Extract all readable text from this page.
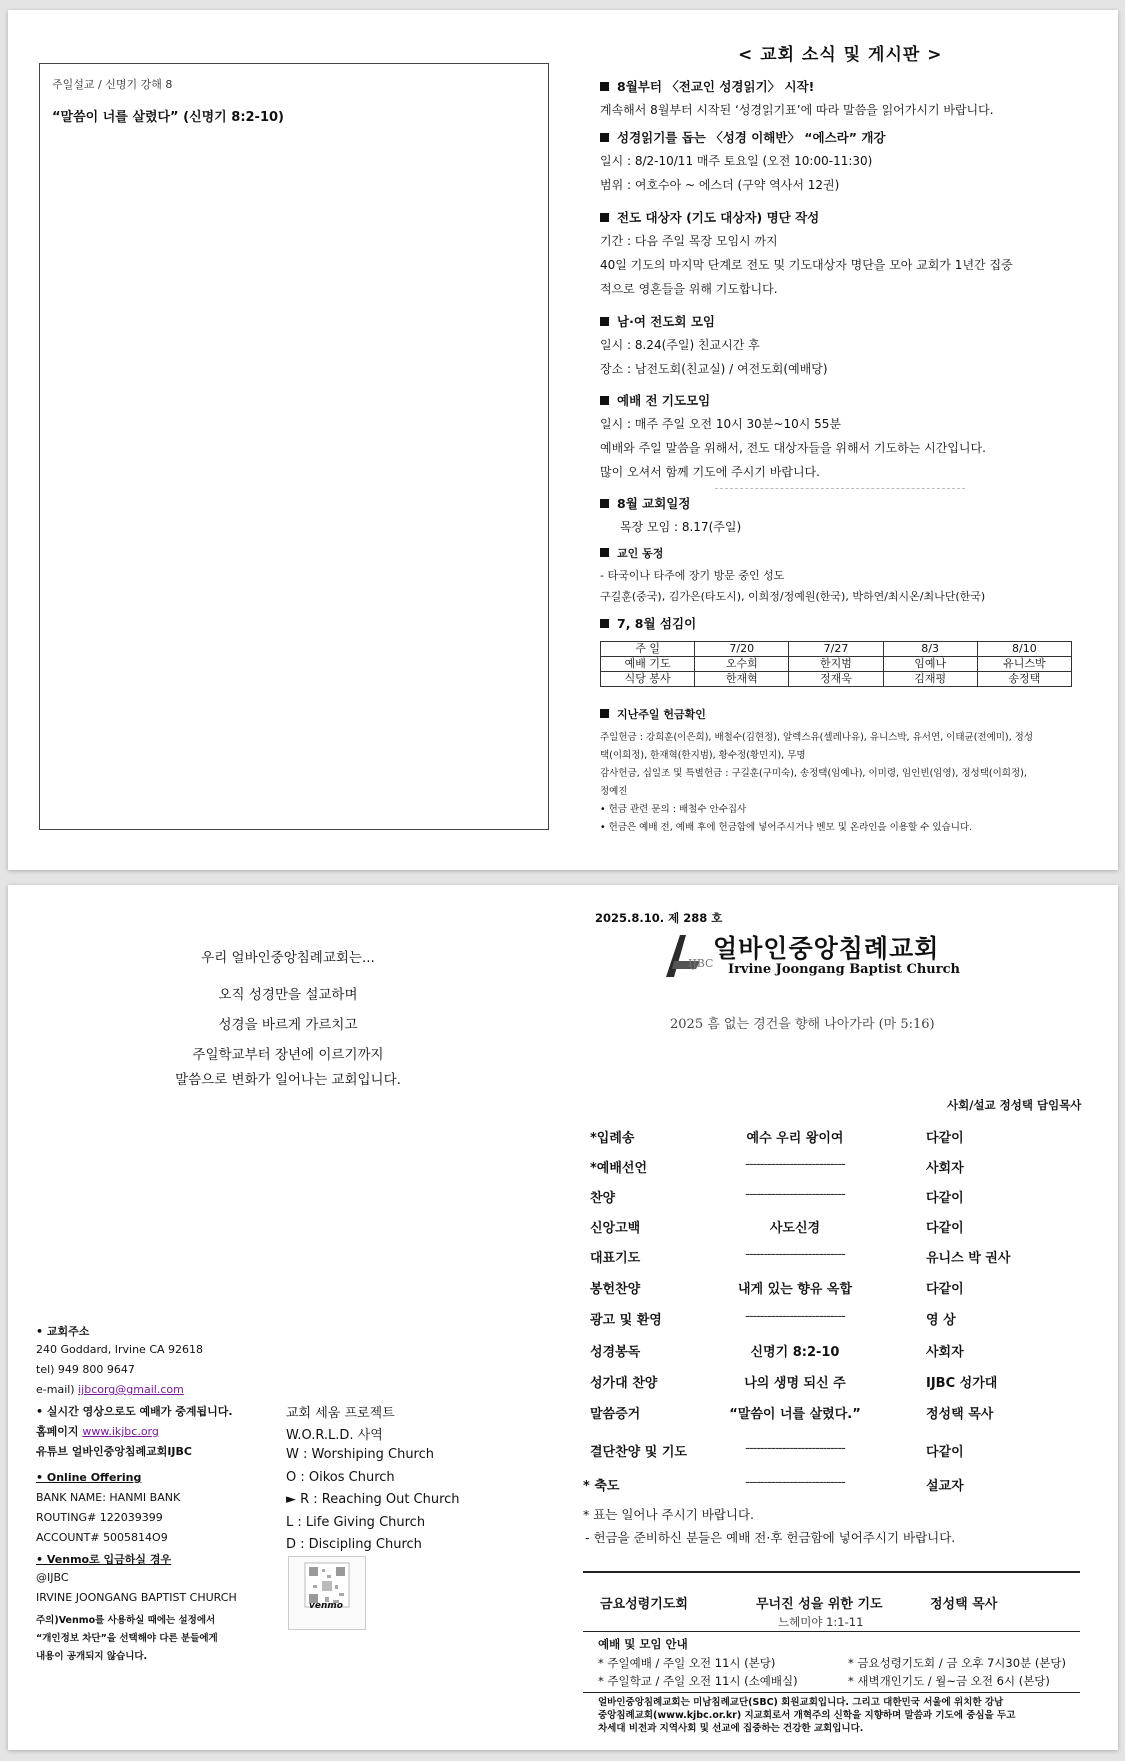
주일설교 / 신명기 강해 8
“말씀이 너를 살렸다” (신명기 8:2-10)
< 교회 소식 및 게시판 >
8월부터 〈전교인 성경읽기〉 시작!
계속해서 8월부터 시작된 ‘성경읽기표’에 따라 말씀을 읽어가시기 바랍니다.
성경읽기를 돕는 〈성경 이해반〉 “에스라” 개강
일시 : 8/2-10/11 매주 토요일 (오전 10:00-11:30)
범위 : 여호수아 ~ 에스더 (구약 역사서 12권)
전도 대상자 (기도 대상자) 명단 작성
기간 : 다음 주일 목장 모임시 까지
40일 기도의 마지막 단계로 전도 및 기도대상자 명단을 모아 교회가 1년간 집중
적으로 영혼들을 위해 기도합니다.
남·여 전도회 모임
일시 : 8.24(주일) 친교시간 후
장소 : 남전도회(친교실) / 여전도회(예배당)
예배 전 기도모임
일시 : 매주 주일 오전 10시 30분~10시 55분
예배와 주일 말씀을 위해서, 전도 대상자들을 위해서 기도하는 시간입니다.
많이 오셔서 함께 기도에 주시기 바랍니다.
8월 교회일정
목장 모임 : 8.17(주일)
교인 동정
- 타국이나 타주에 장기 방문 중인 성도
구길훈(중국), 김가은(타도시), 이희정/정예원(한국), 박하연/최시온/최나단(한국)
7, 8월 섬김이
주 일	7/20	7/27	8/3	8/10
예배 기도	오수희	한지범	임예나	유니스박
식당 봉사	한재혁	정재욱	김재평	송정택
지난주일 헌금확인
주일헌금 : 강희훈(이은희), 배철수(김현정), 알렉스유(셀레나유), 유니스박, 유서연, 이태균(전예미), 정성
택(이희정), 한재혁(한지범), 황수정(황민지), 무명
감사헌금, 십일조 및 특별헌금 : 구길훈(구미숙), 송정택(임예나), 이미령, 임인빈(임영), 정성택(이희정),
정예진
• 헌금 관련 문의 : 배철수 안수집사
• 헌금은 예배 전, 예배 후에 헌금함에 넣어주시거나 벤모 및 온라인을 이용할 수 있습니다.
우리 얼바인중앙침례교회는...
오직 성경만을 설교하며
성경을 바르게 가르치고
주일학교부터 장년에 이르기까지
말씀으로 변화가 일어나는 교회입니다.
• 교회주소
240 Goddard, Irvine CA 92618
tel) 949 800 9647
e-mail) ijbcorg@gmail.com
• 실시간 영상으로도 예배가 중계됩니다.
홈페이지 www.ikjbc.org
유튜브 얼바인중앙침례교회IJBC
• Online Offering
BANK NAME: HANMI BANK
ROUTING# 122039399
ACCOUNT# 5005814O9
• Venmo로 입금하실 경우
@IJBC
IRVINE JOONGANG BAPTIST CHURCH
주의)Venmo를 사용하실 때에는 설정에서
“개인정보 차단”을 선택해야 다른 분들에게
내용이 공개되지 않습니다.
교회 세움 프로젝트
W.O.R.L.D. 사역
W : Worshiping Church
O : Oikos Church
► R : Reaching Out Church
L : Life Giving Church
D : Discipling Church
venmo
2025.8.10. 제 288 호
IJBC
얼바인중앙침례교회
Irvine Joongang Baptist Church
2025 흠 없는 경건을 향해 나아가라 (마 5:16)
사회/설교 정성택 담임목사
*입례송	예수 우리 왕이여	다같이
*예배선언	---------------------------	사회자
찬양	---------------------------	다같이
신앙고백	사도신경	다같이
대표기도	---------------------------	유니스 박 권사
봉헌찬양	내게 있는 향유 옥합	다같이
광고 및 환영	---------------------------	영 상
성경봉독	신명기 8:2-10	사회자
성가대 찬양	나의 생명 되신 주	IJBC 성가대
말씀증거	“말씀이 너를 살렸다.”	정성택 목사
결단찬양 및 기도	---------------------------	다같이
* 축도	---------------------------	설교자
* 표는 일어나 주시기 바랍니다.
- 헌금을 준비하신 분들은 예배 전·후 헌금함에 넣어주시기 바랍니다.
금요성령기도회	무너진 성을 위한 기도	정성택 목사
느헤미야 1:1-11
예배 및 모임 안내
* 주일예배 / 주일 오전 11시 (본당)	* 금요성령기도회 / 금 오후 7시30분 (본당)
* 주일학교 / 주일 오전 11시 (소예배실)	* 새벽개인기도 / 월~금 오전 6시 (본당)
얼바인중앙침례교회는 미남침례교단(SBC) 회원교회입니다. 그리고 대한민국 서울에 위치한 강남
중앙침례교회(www.kjbc.or.kr) 지교회로서 개혁주의 신학을 지향하며 말씀과 기도에 중심을 두고
차세대 비전과 지역사회 및 선교에 집중하는 건강한 교회입니다.
